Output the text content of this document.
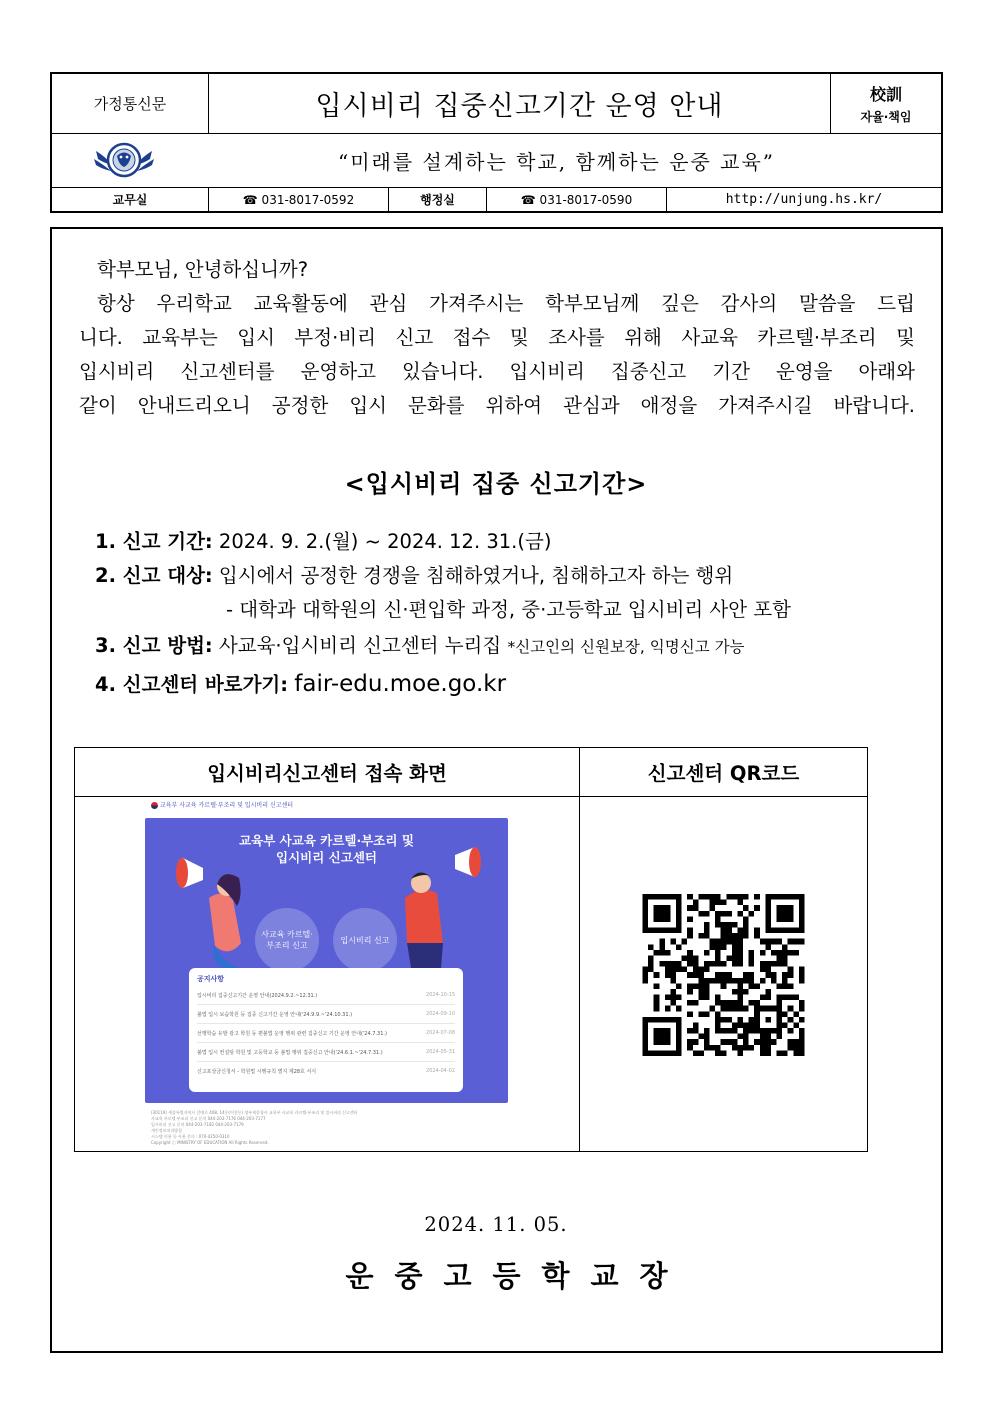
가정통신문	입시비리 집중신고기간 운영 안내	校訓
자율·책임
“미래를 설계하는 학교, 함께하는 운중 교육”
교무실	☎ 031-8017-0592	행정실	☎ 031-8017-0590	http://unjung.hs.kr/
학부모님, 안녕하십니까?
항상 우리학교 교육활동에 관심 가져주시는 학부모님께 깊은 감사의 말씀을 드립
니다. 교육부는 입시 부정·비리 신고 접수 및 조사를 위해 사교육 카르텔·부조리 및
입시비리 신고센터를 운영하고 있습니다. 입시비리 집중신고 기간 운영을 아래와
같이 안내드리오니 공정한 입시 문화를 위하여 관심과 애정을 가져주시길 바랍니다.
<입시비리 집중 신고기간>
1. 신고 기간: 2024. 9. 2.(월) ~ 2024. 12. 31.(금)
2. 신고 대상: 입시에서 공정한 경쟁을 침해하였거나, 침해하고자 하는 행위
- 대학과 대학원의 신·편입학 과정, 중·고등학교 입시비리 사안 포함
3. 신고 방법: 사교육·입시비리 신고센터 누리집 *신고인의 신원보장, 익명신고 가능
4. 신고센터 바로가기: fair-edu.moe.go.kr
입시비리신고센터 접속 화면	신고센터 QR코드
교육부 사교육 카르텔·부조리 및 입시비리 신고센터
교육부 사교육 카르텔·부조리 및
입시비리 신고센터
사교육 카르텔·
부조리 신고
입시비리 신고
공지사항
입시비리 집중신고기간 운영 안내(2024.9.2.~12.31.)	2024-10-15
불법 입시 보습학원 등 집중 신고기간 운영 안내('24.9.9.~'24.10.31.)	2024-09-10
선행학습 유발 광고 학원 등 편불법 운영 행위 관련 집중신고 기간 운영 안내('24.7.31.)	2024-07-08
불법 입시 컨설팅 학원 및 고등학교 등 불법 행위 집중신고 안내('24.6.1.~'24.7.31.)	2024-05-31
신고포상금신청서 - 학원법 시행규칙 별지 제28호 서식	2024-04-02
(30119) 세종특별자치시 갈매로 408, 14동(어진동) 정부세종청사 교육부 사교육 카르텔·부조리 및 입시비리 신고센터
사교육 카르텔·부조리 신고 문의 044-203-7176 044-203-7177
입시비리 신고 문의 044-203-7182 044-203-7179
개인정보처리방침
시스템 이용 등 사용 문의 : 070-4250-0310
Copyright ⓒ MINISTRY OF EDUCATION All Rights Reserved.
2024. 11. 05.
운중고등학교장
